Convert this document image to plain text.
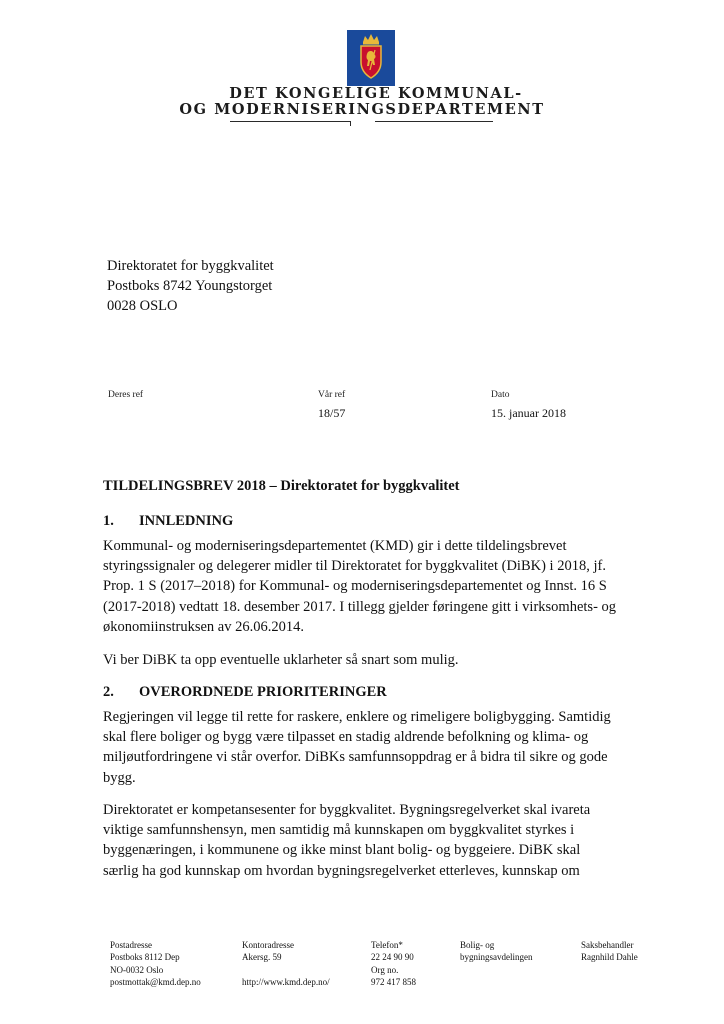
DET KONGELIGE KOMMUNAL-
OG MODERNISERINGSDEPARTEMENT
Direktoratet for byggkvalitet
Postboks 8742 Youngstorget
0028 OSLO
Deres ref	Vår ref
18/57
Dato
15. januar 2018
TILDELINGSBREV 2018 – Direktoratet for byggkvalitet
1. INNLEDNING
Kommunal- og moderniseringsdepartementet (KMD) gir i dette tildelingsbrevet
styringssignaler og delegerer midler til Direktoratet for byggkvalitet (DiBK) i 2018, jf.
Prop. 1 S (2017–2018) for Kommunal- og moderniseringsdepartementet og Innst. 16 S
(2017-2018) vedtatt 18. desember 2017. I tillegg gjelder føringene gitt i virksomhets- og
økonomiinstruksen av 26.06.2014.
Vi ber DiBK ta opp eventuelle uklarheter så snart som mulig.
2. OVERORDNEDE PRIORITERINGER
Regjeringen vil legge til rette for raskere, enklere og rimeligere boligbygging. Samtidig
skal flere boliger og bygg være tilpasset en stadig aldrende befolkning og klima- og
miljøutfordringene vi står overfor. DiBKs samfunnsoppdrag er å bidra til sikre og gode
bygg.
Direktoratet er kompetansesenter for byggkvalitet. Bygningsregelverket skal ivareta
viktige samfunnshensyn, men samtidig må kunnskapen om byggkvalitet styrkes i
byggenæringen, i kommunene og ikke minst blant bolig- og byggeiere. DiBK skal
særlig ha god kunnskap om hvordan bygningsregelverket etterleves, kunnskap om
Postadresse
Postboks 8112 Dep
NO-0032 Oslo
postmottak@kmd.dep.no
Kontoradresse
Akersg. 59
http://www.kmd.dep.no/
Telefon*
22 24 90 90
Org no.
972 417 858
Bolig- og
bygningsavdelingen
Saksbehandler
Ragnhild Dahle
